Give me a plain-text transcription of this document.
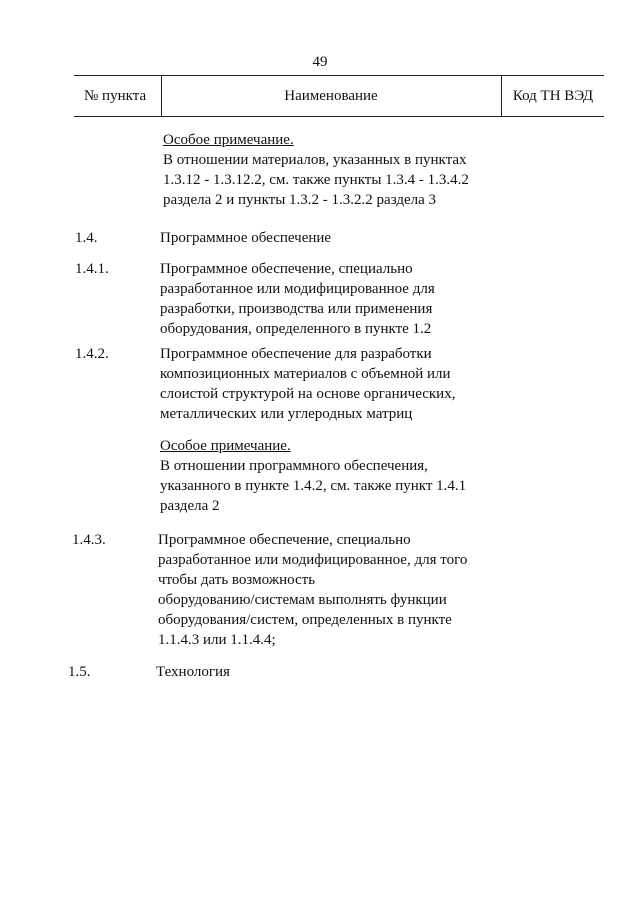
49
№ пункта	Наименование	Код ТН ВЭД

Особое примечание.

В отношении материалов, указанных в пунктах

1.3.12 - 1.3.12.2, см. также пункты 1.3.4 - 1.3.4.2

раздела 2 и пункты 1.3.2 - 1.3.2.2 раздела 3

1.4.	Программное обеспечение

1.4.1.	Программное обеспечение, специально

разработанное или модифицированное для

разработки, производства или применения

оборудования, определенного в пункте 1.2

1.4.2.	Программное обеспечение для разработки

композиционных материалов с объемной или

слоистой структурой на основе органических,

металлических или углеродных матриц

Особое примечание.

В отношении программного обеспечения,

указанного в пункте 1.4.2, см. также пункт 1.4.1

раздела 2

1.4.3.	Программное обеспечение, специально

разработанное или модифицированное, для того

чтобы дать возможность

оборудованию/системам выполнять функции

оборудования/систем, определенных в пункте

1.1.4.3 или 1.1.4.4;

1.5.	Технология
